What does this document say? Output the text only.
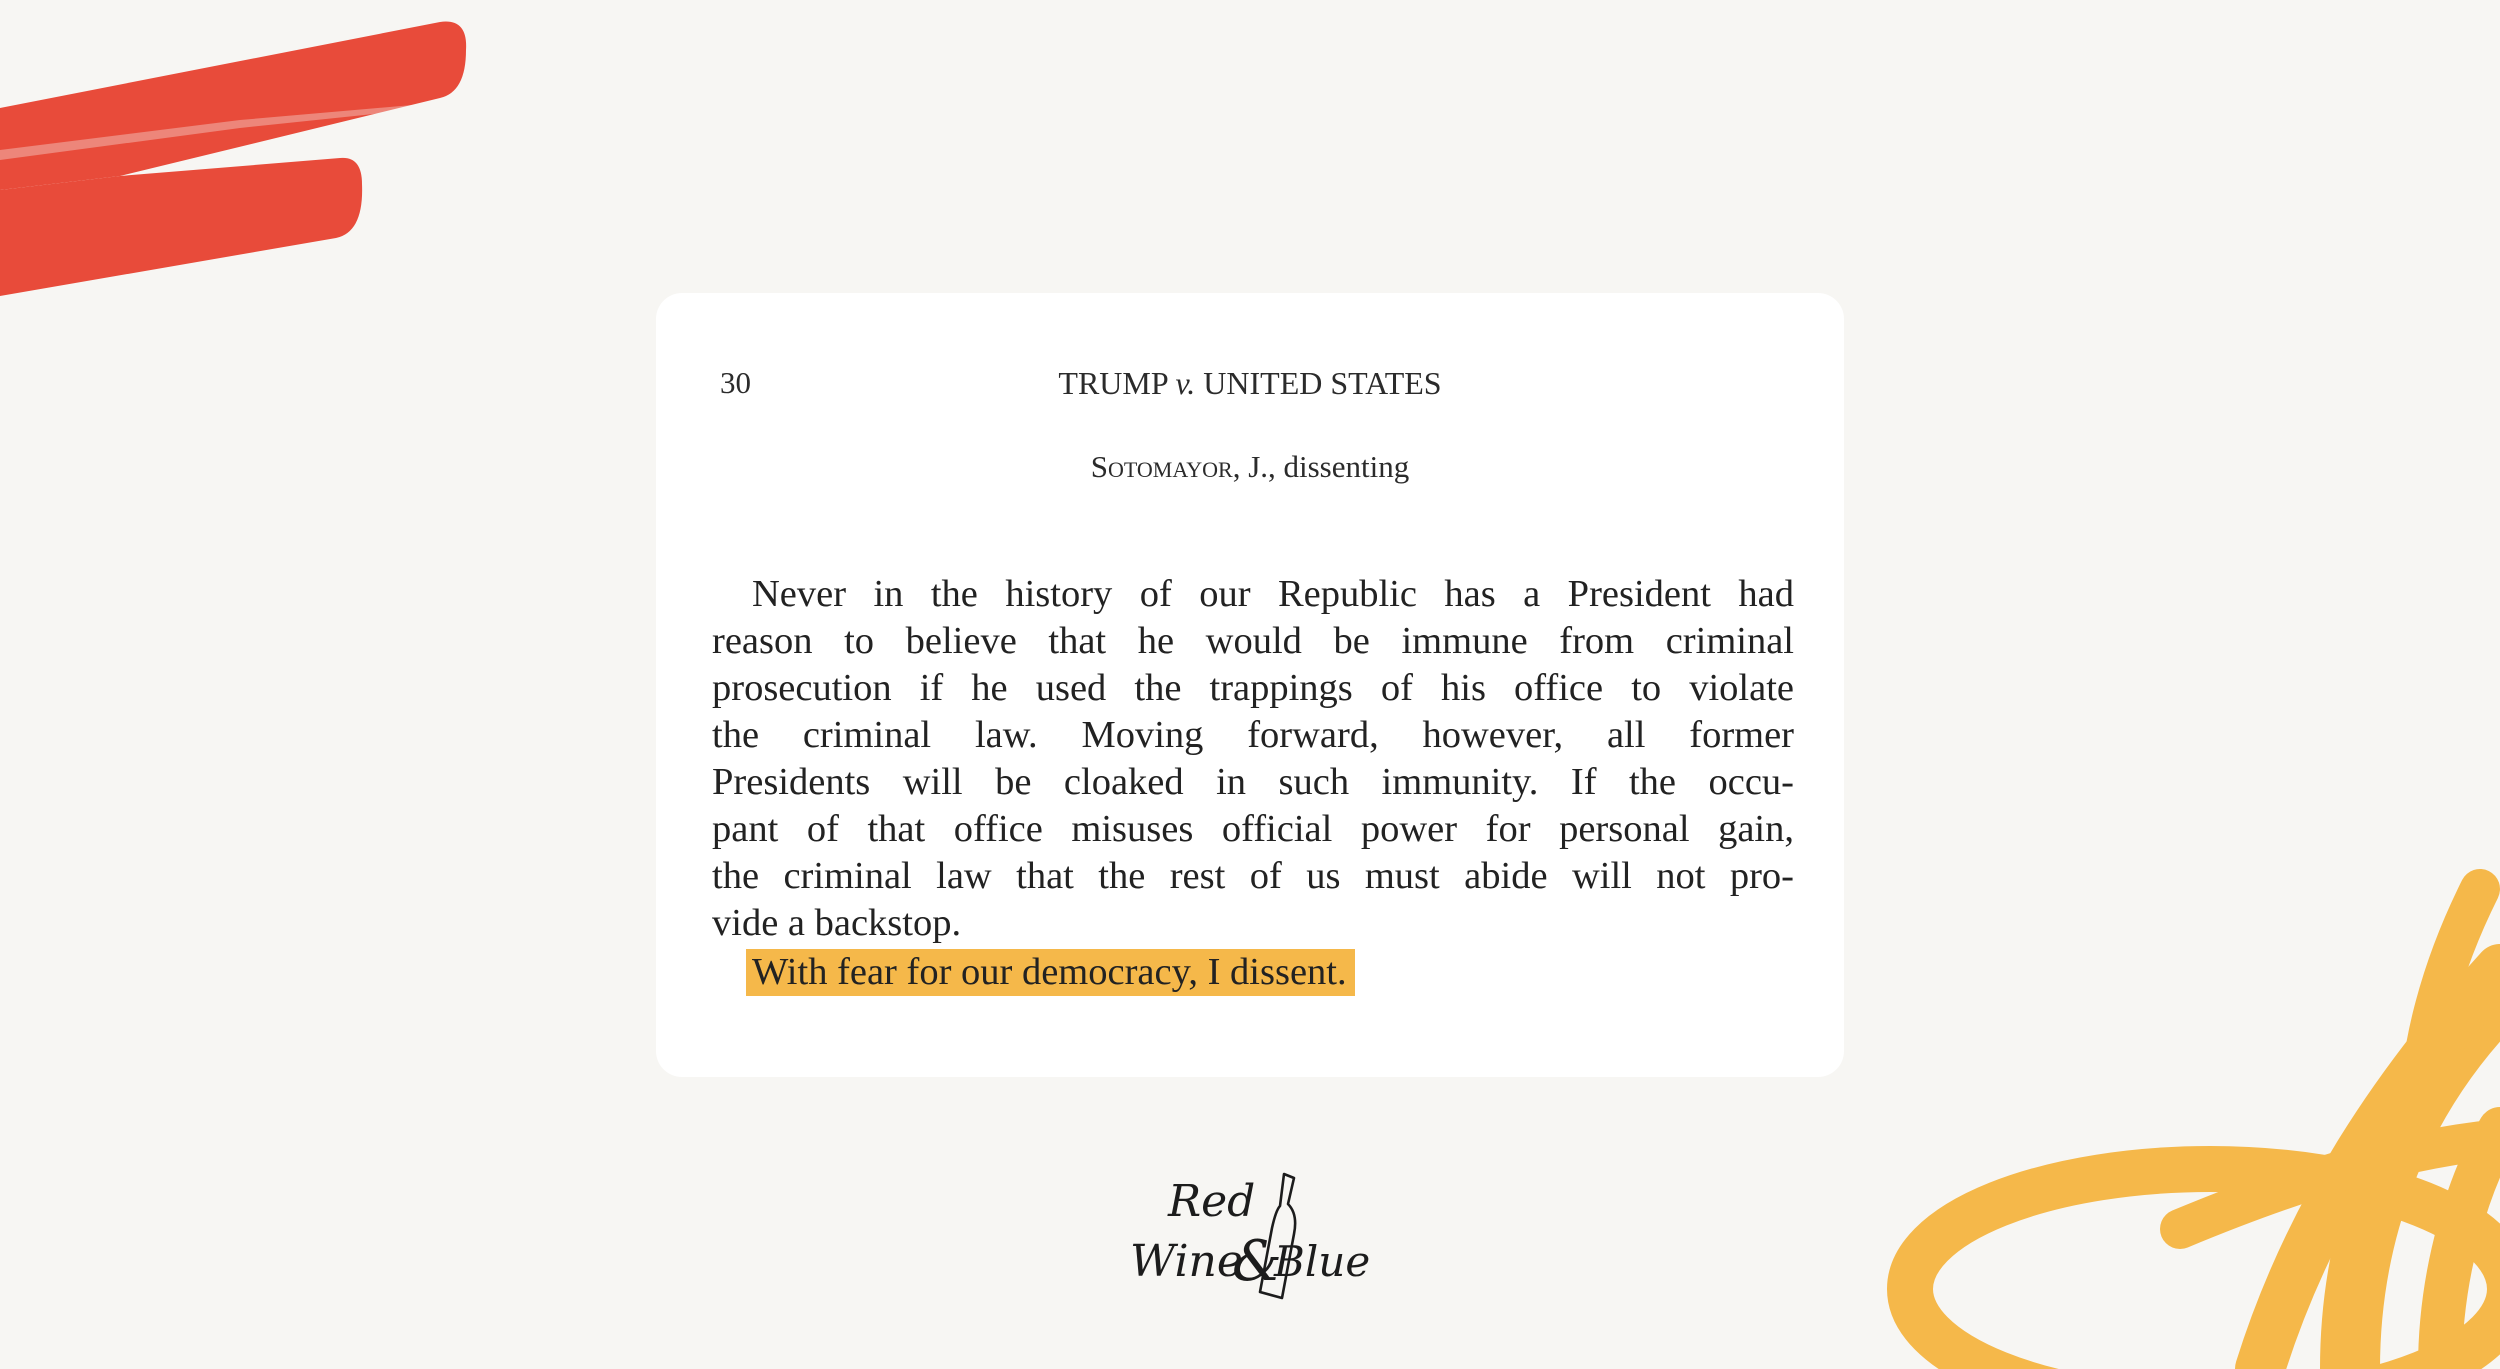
30	TRUMP v. UNITED STATES
Sotomayor, J., dissenting
Never in the history of our Republic has a President had
reason to believe that he would be immune from criminal
prosecution if he used the trappings of his office to violate
the criminal law. Moving forward, however, all former
Presidents will be cloaked in such immunity. If the occu-
pant of that office misuses official power for personal gain,
the criminal law that the rest of us must abide will not pro-
vide a backstop.
With fear for our democracy, I dissent.
Red
Wine
&
Blue
